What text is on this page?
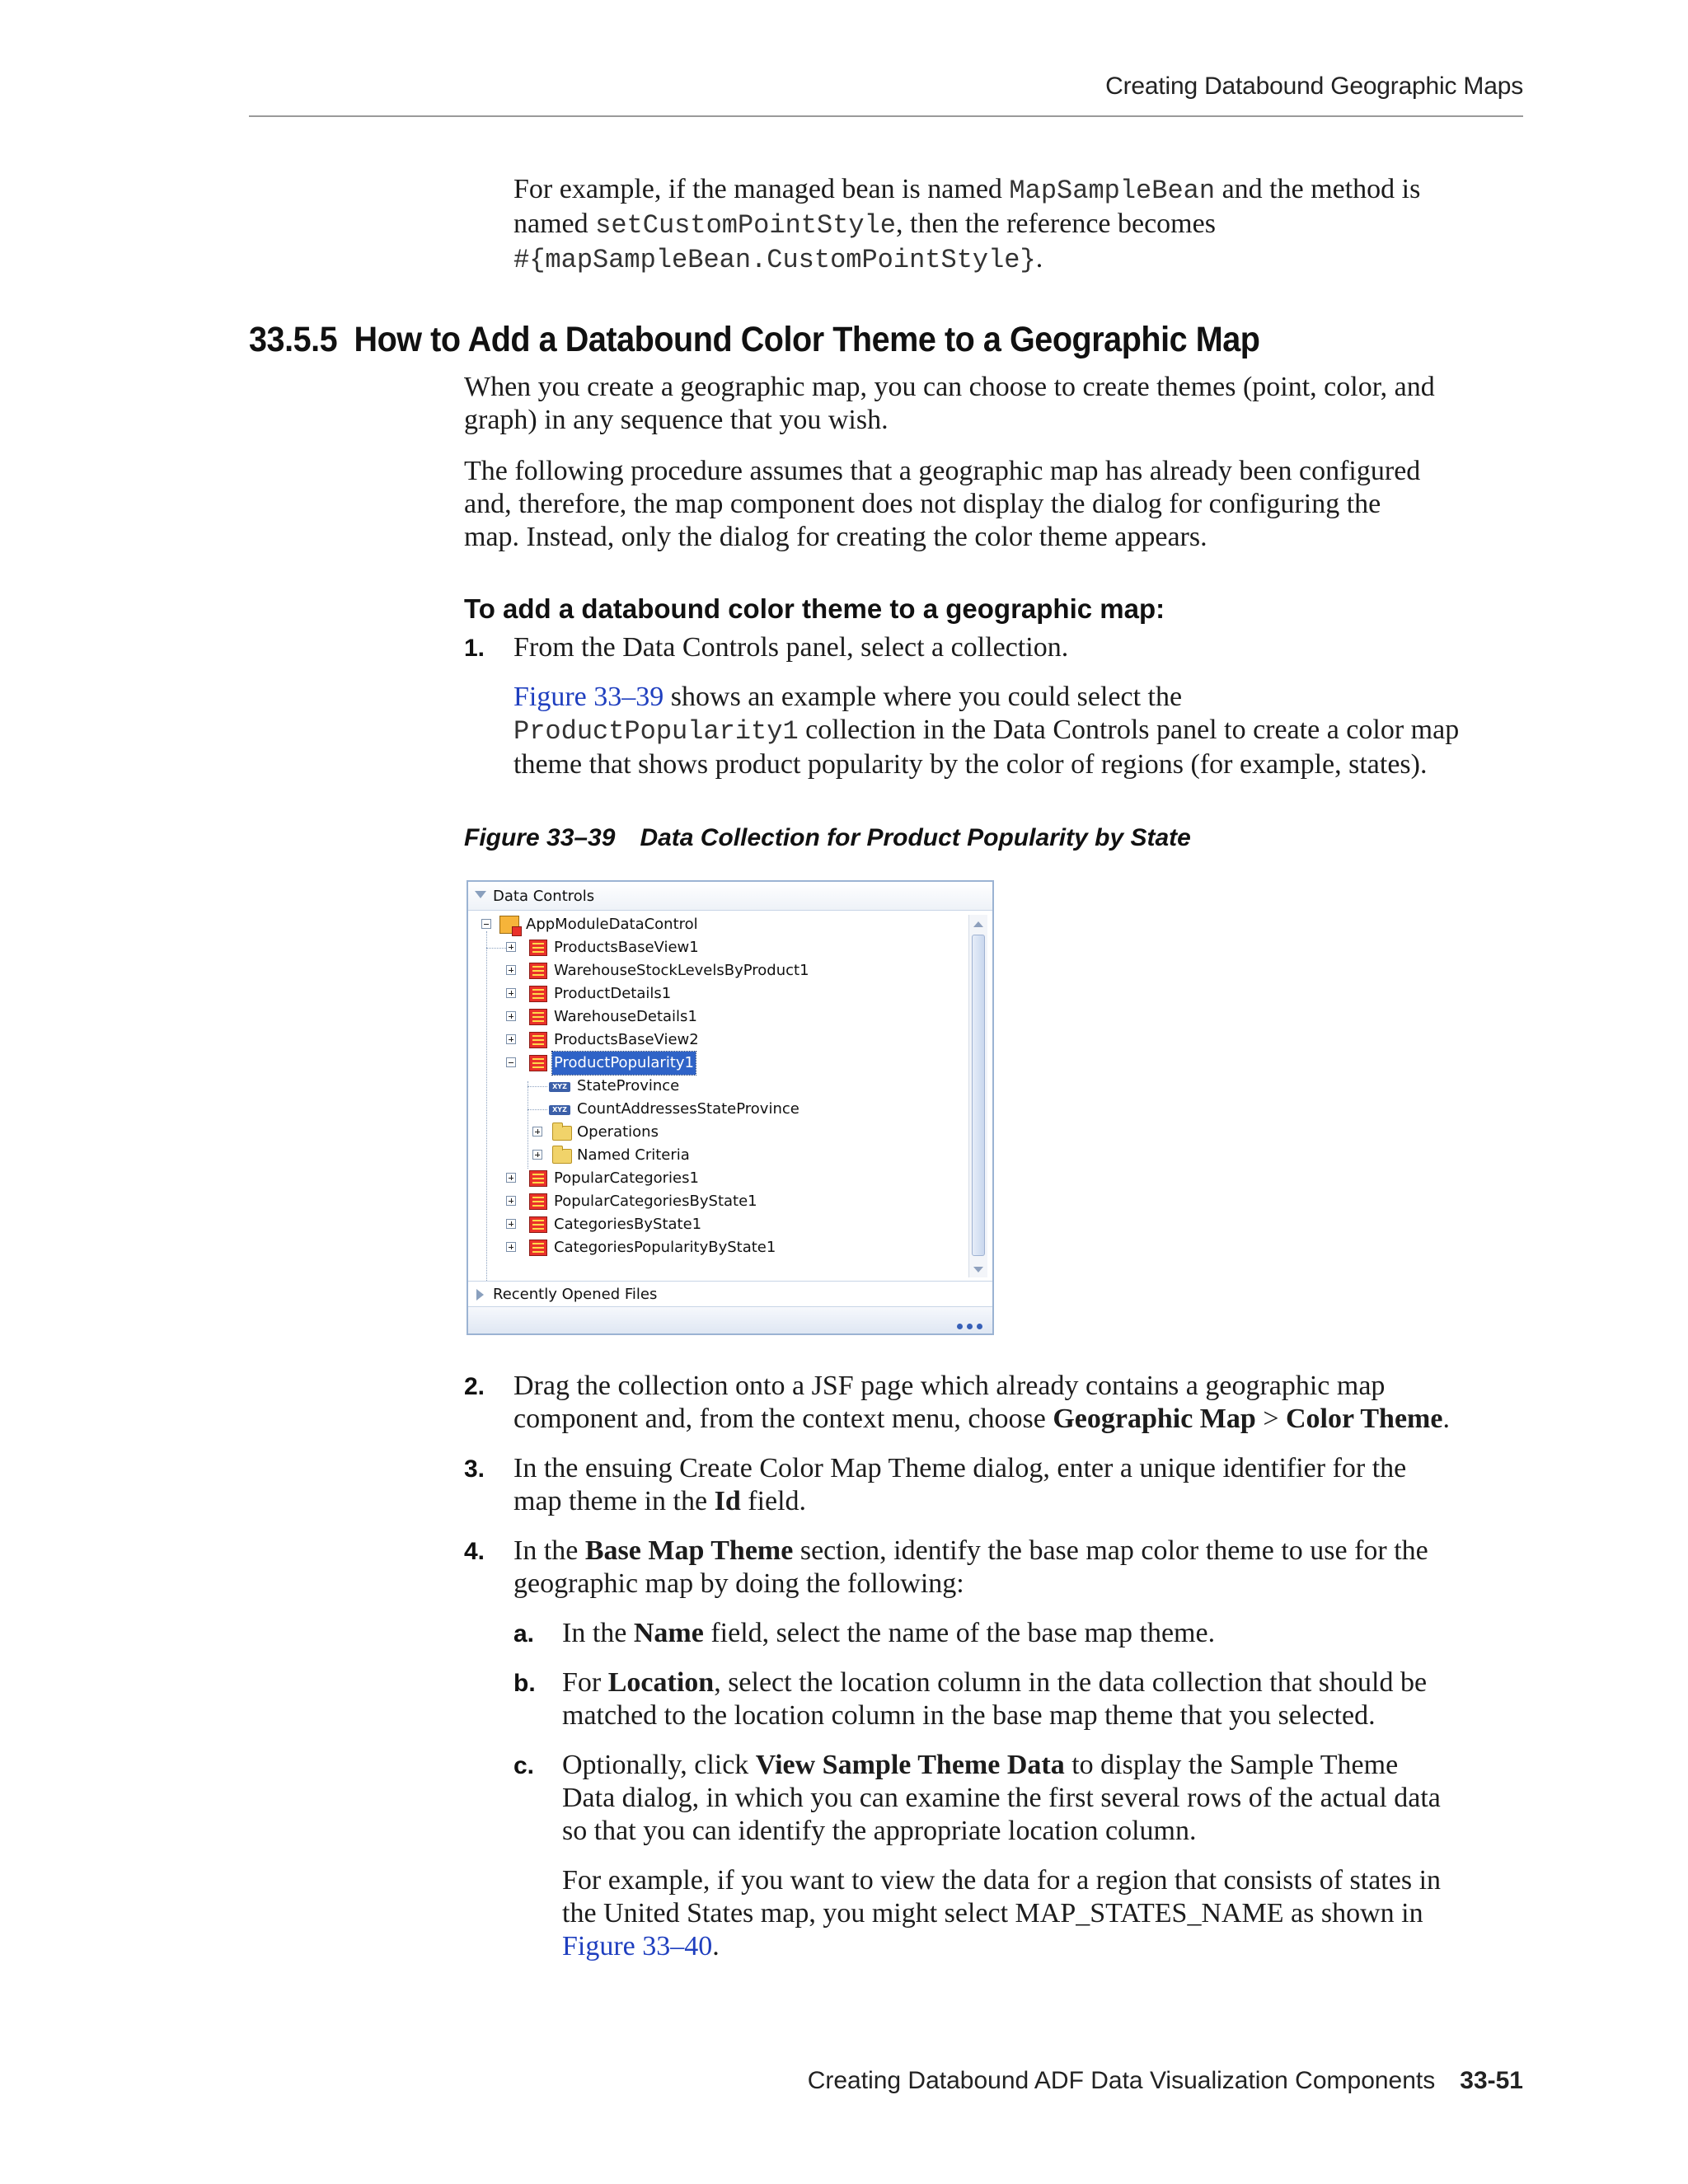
Creating Databound Geographic Maps
For example, if the managed bean is named MapSampleBean and the method is
named setCustomPointStyle, then the reference becomes
#{mapSampleBean.CustomPointStyle}.
33.5.5 How to Add a Databound Color Theme to a Geographic Map
When you create a geographic map, you can choose to create themes (point, color, and
graph) in any sequence that you wish.
The following procedure assumes that a geographic map has already been configured
and, therefore, the map component does not display the dialog for configuring the
map. Instead, only the dialog for creating the color theme appears.
To add a databound color theme to a geographic map:
1. From the Data Controls panel, select a collection.
Figure 33–39 shows an example where you could select the
ProductPopularity1 collection in the Data Controls panel to create a color map
theme that shows product popularity by the color of regions (for example, states).
Figure 33–39 Data Collection for Product Popularity by State
Data Controls
AppModuleDataControl
ProductsBaseView1
WarehouseStockLevelsByProduct1
ProductDetails1
WarehouseDetails1
ProductsBaseView2
ProductPopularity1
XYZ StateProvince
XYZ CountAddressesStateProvince
Operations
Named Criteria
PopularCategories1
PopularCategoriesByState1
CategoriesByState1
CategoriesPopularityByState1
Recently Opened Files
2. Drag the collection onto a JSF page which already contains a geographic map
component and, from the context menu, choose Geographic Map > Color Theme.
3. In the ensuing Create Color Map Theme dialog, enter a unique identifier for the
map theme in the Id field.
4. In the Base Map Theme section, identify the base map color theme to use for the
geographic map by doing the following:
a. In the Name field, select the name of the base map theme.
b. For Location, select the location column in the data collection that should be
matched to the location column in the base map theme that you selected.
c. Optionally, click View Sample Theme Data to display the Sample Theme
Data dialog, in which you can examine the first several rows of the actual data
so that you can identify the appropriate location column.
For example, if you want to view the data for a region that consists of states in
the United States map, you might select MAP_STATES_NAME as shown in
Figure 33–40.
Creating Databound ADF Data Visualization Components 33-51
